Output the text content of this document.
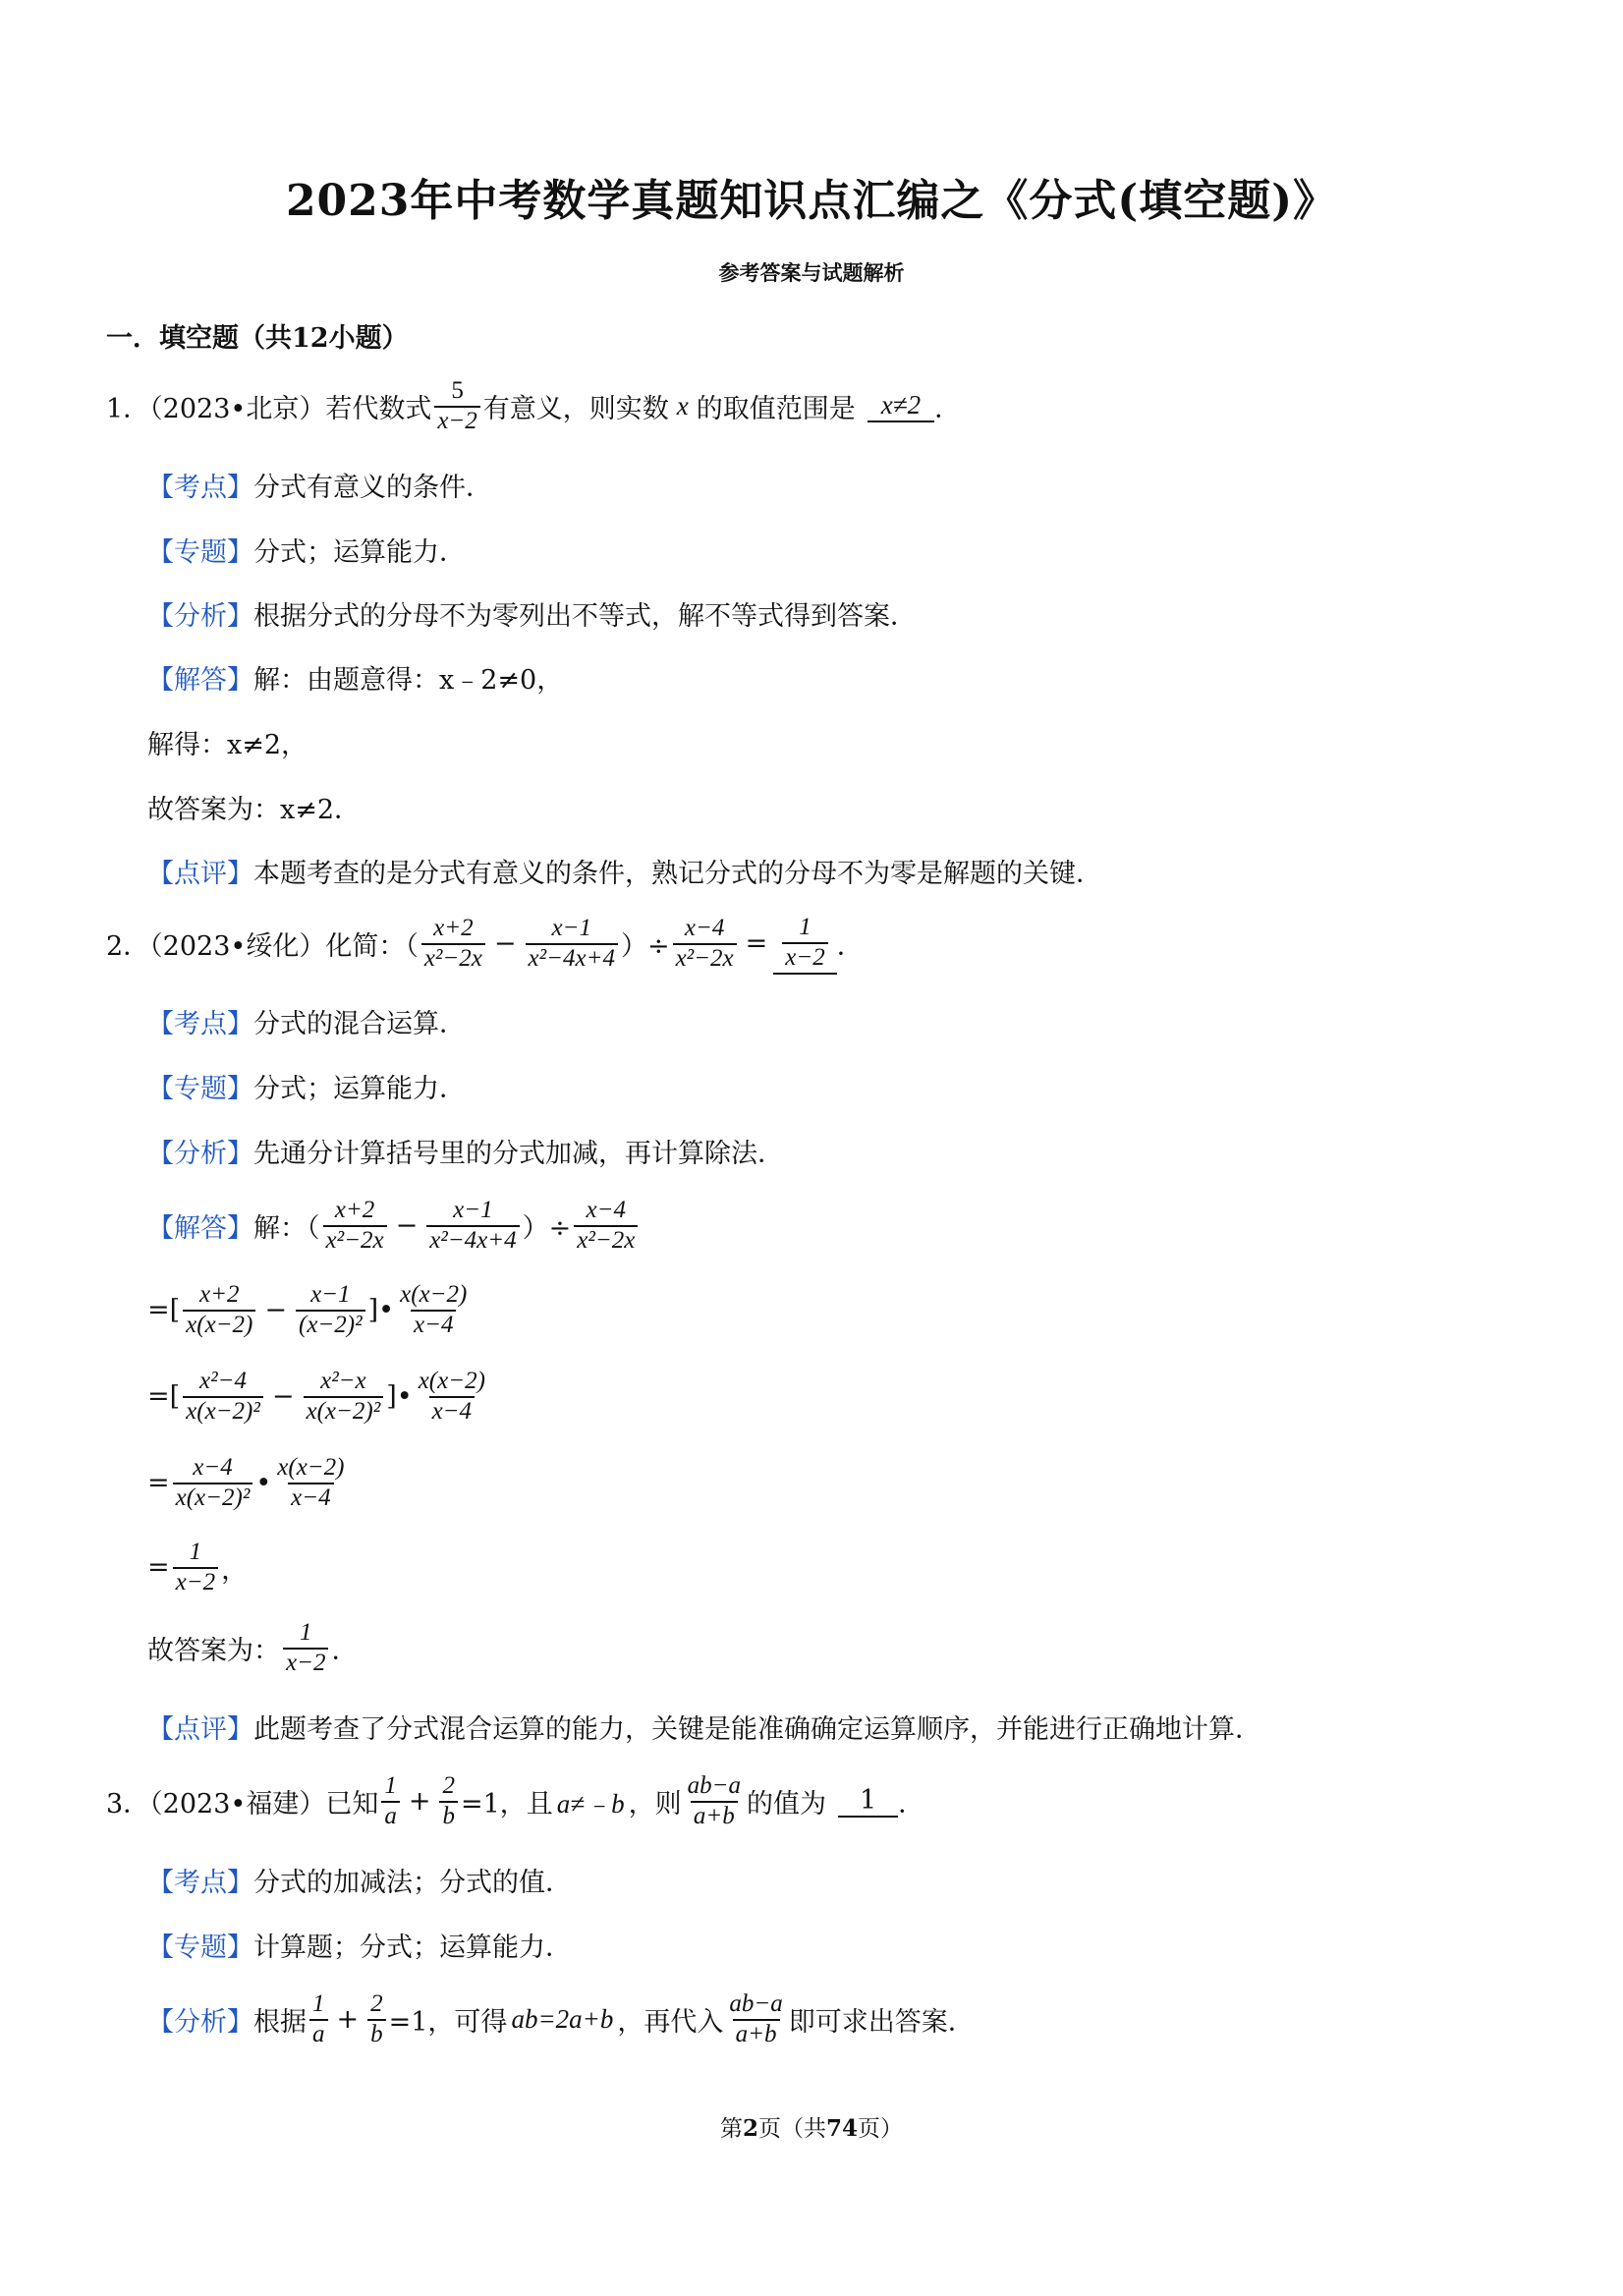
2023年中考数学真题知识点汇编之《分式(填空题)》
参考答案与试题解析
一．填空题（共12小题）
1．（2023•北京）若代数式 $\frac{5}{x-2}$ 有意义，则实数 x 的取值范围是 x≠2 ．
【考点】 分式有意义的条件．
【专题】 分式；运算能力．
【分析】 根据分式的分母不为零列出不等式，解不等式得到答案．
【解答】 解：由题意得：x﹣2≠0，
解得：x≠2，
故答案为：x≠2．
【点评】 本题考查的是分式有意义的条件，熟记分式的分母不为零是解题的关键．
2．（2023•绥化）化简：（ $\frac{x+2}{\text{x²−2x}} - \frac{x-1}{\text{x²−4x+4}}$ ）÷ $\frac{x-4}{\text{x²−2x}} = \frac{1}{x-2}$ ．
【考点】 分式的混合运算．
【专题】 分式；运算能力．
【分析】 先通分计算括号里的分式加减，再计算除法．
【解答】 解：（ $\frac{x+2}{\text{x²−2x}} - \frac{x-1}{\text{x²−4x+4}}$ ）÷ $\frac{x-4}{\text{x²−2x}}$
=[ $\frac{x+2}{x(x-2)} - \frac{x-1}{\text{(x−2)²}}$ ]• $\frac{x(x-2)}{x-4}$
=[ $\frac{\text{x²−4}}{\text{x(x−2)²}} - \frac{\text{x²−x}}{\text{x(x−2)²}}$ ]• $\frac{x(x-2)}{x-4}$
= $\frac{x-4}{\text{x(x−2)²}}$ • $\frac{x(x-2)}{x-4}$
= $\frac{1}{x-2}$ ，
故答案为： $\frac{1}{x-2}$ ．
【点评】 此题考查了分式混合运算的能力，关键是能准确确定运算顺序，并能进行正确地计算．
3．（2023•福建）已知 $\frac{1}{a} + \frac{2}{b} =1$，且 a≠﹣b ，则 $\frac{ab-a}{a+b}$ 的值为	1 ．
【考点】 分式的加减法；分式的值．
【专题】 计算题；分式；运算能力．
【分析】 根据 $\frac{1}{a} + \frac{2}{b} =1$，可得 ab=2a+b ，再代入 $\frac{ab-a}{a+b}$ 即可求出答案．
第2页（共74页）
